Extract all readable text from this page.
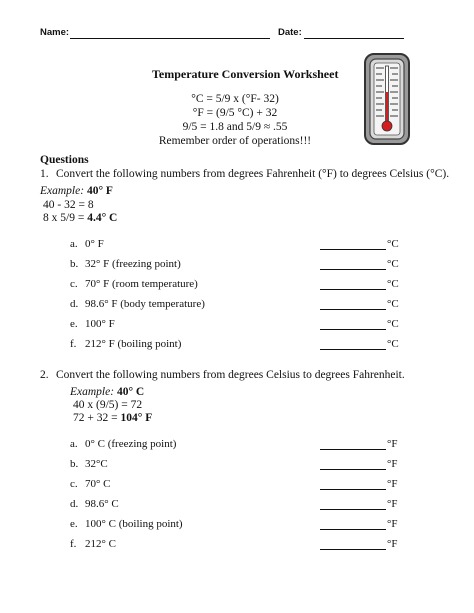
Name:	Date:
Temperature Conversion Worksheet
°C = 5/9 x (°F- 32)
°F = (9/5 °C) + 32
9/5 = 1.8 and 5/9 ≈ .55
Remember order of operations!!!
Questions
1. Convert the following numbers from degrees Fahrenheit (°F) to degrees Celsius (°C).
Example: 40° F
40 - 32 = 8
8 x 5/9 = 4.4° C
a. 0° F	°C
b. 32° F (freezing point)	°C
c. 70° F (room temperature)	°C
d. 98.6° F (body temperature)	°C
e. 100° F	°C
f. 212° F (boiling point)	°C
2. Convert the following numbers from degrees Celsius to degrees Fahrenheit.
Example: 40° C
40 x (9/5) = 72
72 + 32 = 104° F
a. 0° C (freezing point)	°F
b. 32°C	°F
c. 70° C	°F
d. 98.6° C	°F
e. 100° C (boiling point)	°F
f. 212° C	°F
